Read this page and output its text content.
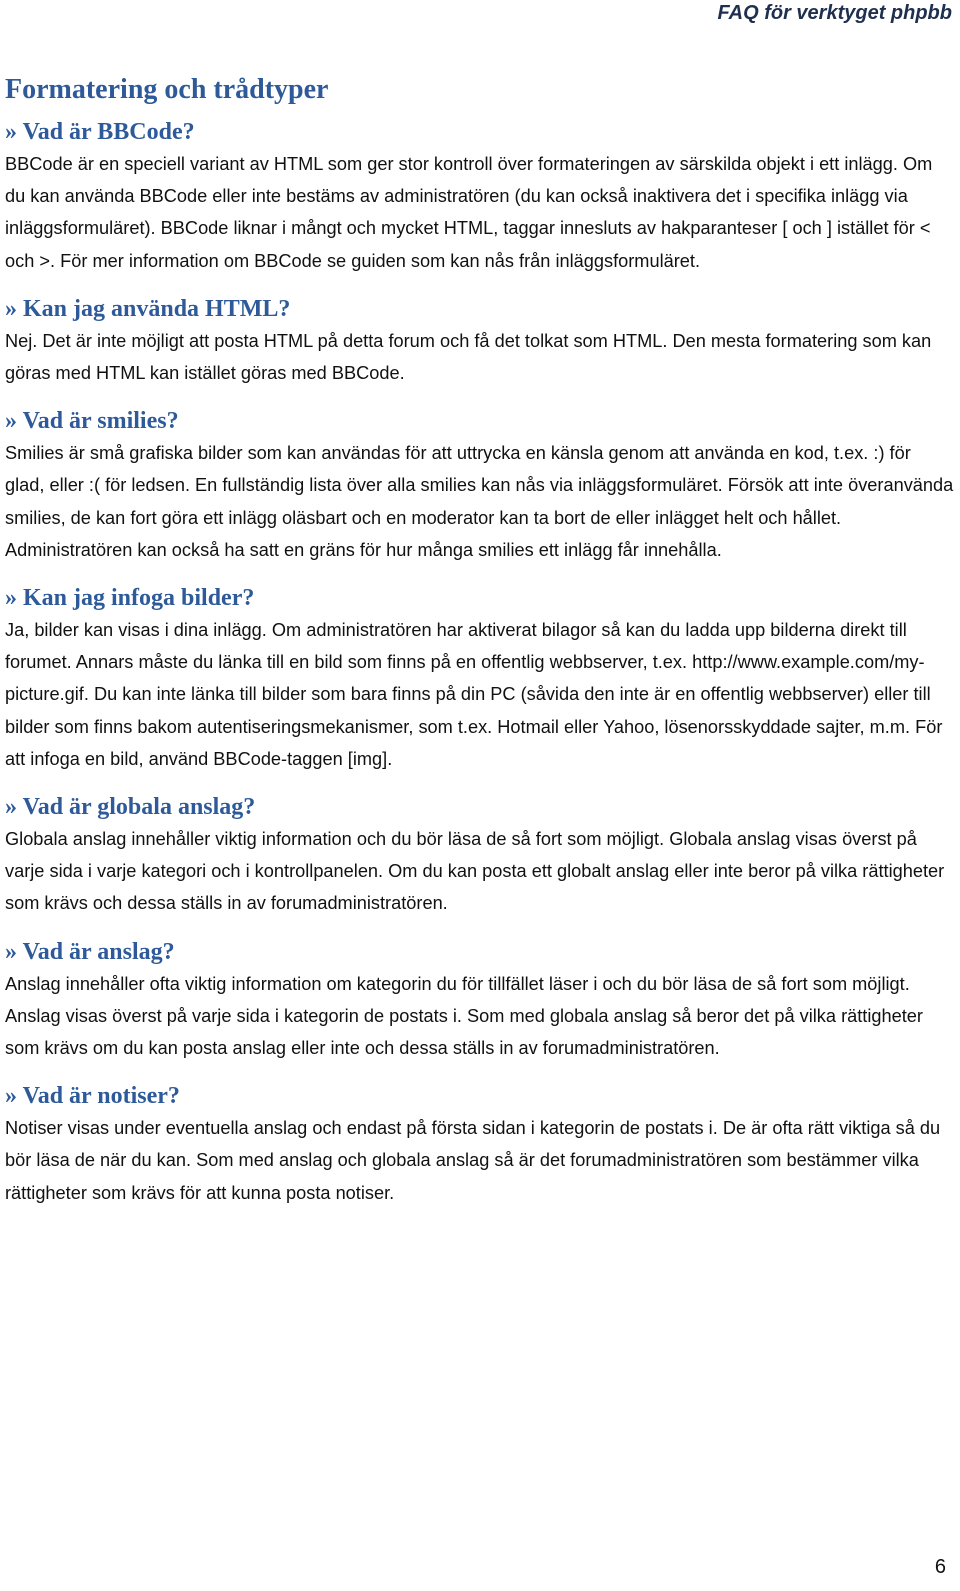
FAQ för verktyget phpbb
Formatering och trådtyper
» Vad är BBCode?

BBCode är en speciell variant av HTML som ger stor kontroll över formateringen av särskilda objekt i ett inlägg. Om du kan använda BBCode eller inte bestäms av administratören (du kan också inaktivera det i specifika inlägg via inläggsformuläret). BBCode liknar i mångt och mycket HTML, taggar innesluts av hakparanteser [ och ] istället för < och >. För mer information om BBCode se guiden som kan nås från inläggsformuläret.

» Kan jag använda HTML?

Nej. Det är inte möjligt att posta HTML på detta forum och få det tolkat som HTML. Den mesta formatering som kan göras med HTML kan istället göras med BBCode.

» Vad är smilies?

Smilies är små grafiska bilder som kan användas för att uttrycka en känsla genom att använda en kod, t.ex. :) för glad, eller :( för ledsen. En fullständig lista över alla smilies kan nås via inläggsformuläret. Försök att inte överanvända smilies, de kan fort göra ett inlägg oläsbart och en moderator kan ta bort de eller inlägget helt och hållet. Administratören kan också ha satt en gräns för hur många smilies ett inlägg får innehålla.

» Kan jag infoga bilder?

Ja, bilder kan visas i dina inlägg. Om administratören har aktiverat bilagor så kan du ladda upp bilderna direkt till forumet. Annars måste du länka till en bild som finns på en offentlig webbserver, t.ex. http://www.example.com/my-picture.gif. Du kan inte länka till bilder som bara finns på din PC (såvida den inte är en offentlig webbserver) eller till bilder som finns bakom autentiseringsmekanismer, som t.ex. Hotmail eller Yahoo, lösenorsskyddade sajter, m.m. För att infoga en bild, använd BBCode-taggen [img].

» Vad är globala anslag?

Globala anslag innehåller viktig information och du bör läsa de så fort som möjligt. Globala anslag visas överst på varje sida i varje kategori och i kontrollpanelen. Om du kan posta ett globalt anslag eller inte beror på vilka rättigheter som krävs och dessa ställs in av forumadministratören.

» Vad är anslag?

Anslag innehåller ofta viktig information om kategorin du för tillfället läser i och du bör läsa de så fort som möjligt. Anslag visas överst på varje sida i kategorin de postats i. Som med globala anslag så beror det på vilka rättigheter som krävs om du kan posta anslag eller inte och dessa ställs in av forumadministratören.

» Vad är notiser?

Notiser visas under eventuella anslag och endast på första sidan i kategorin de postats i. De är ofta rätt viktiga så du bör läsa de när du kan. Som med anslag och globala anslag så är det forumadministratören som bestämmer vilka rättigheter som krävs för att kunna posta notiser.

6
